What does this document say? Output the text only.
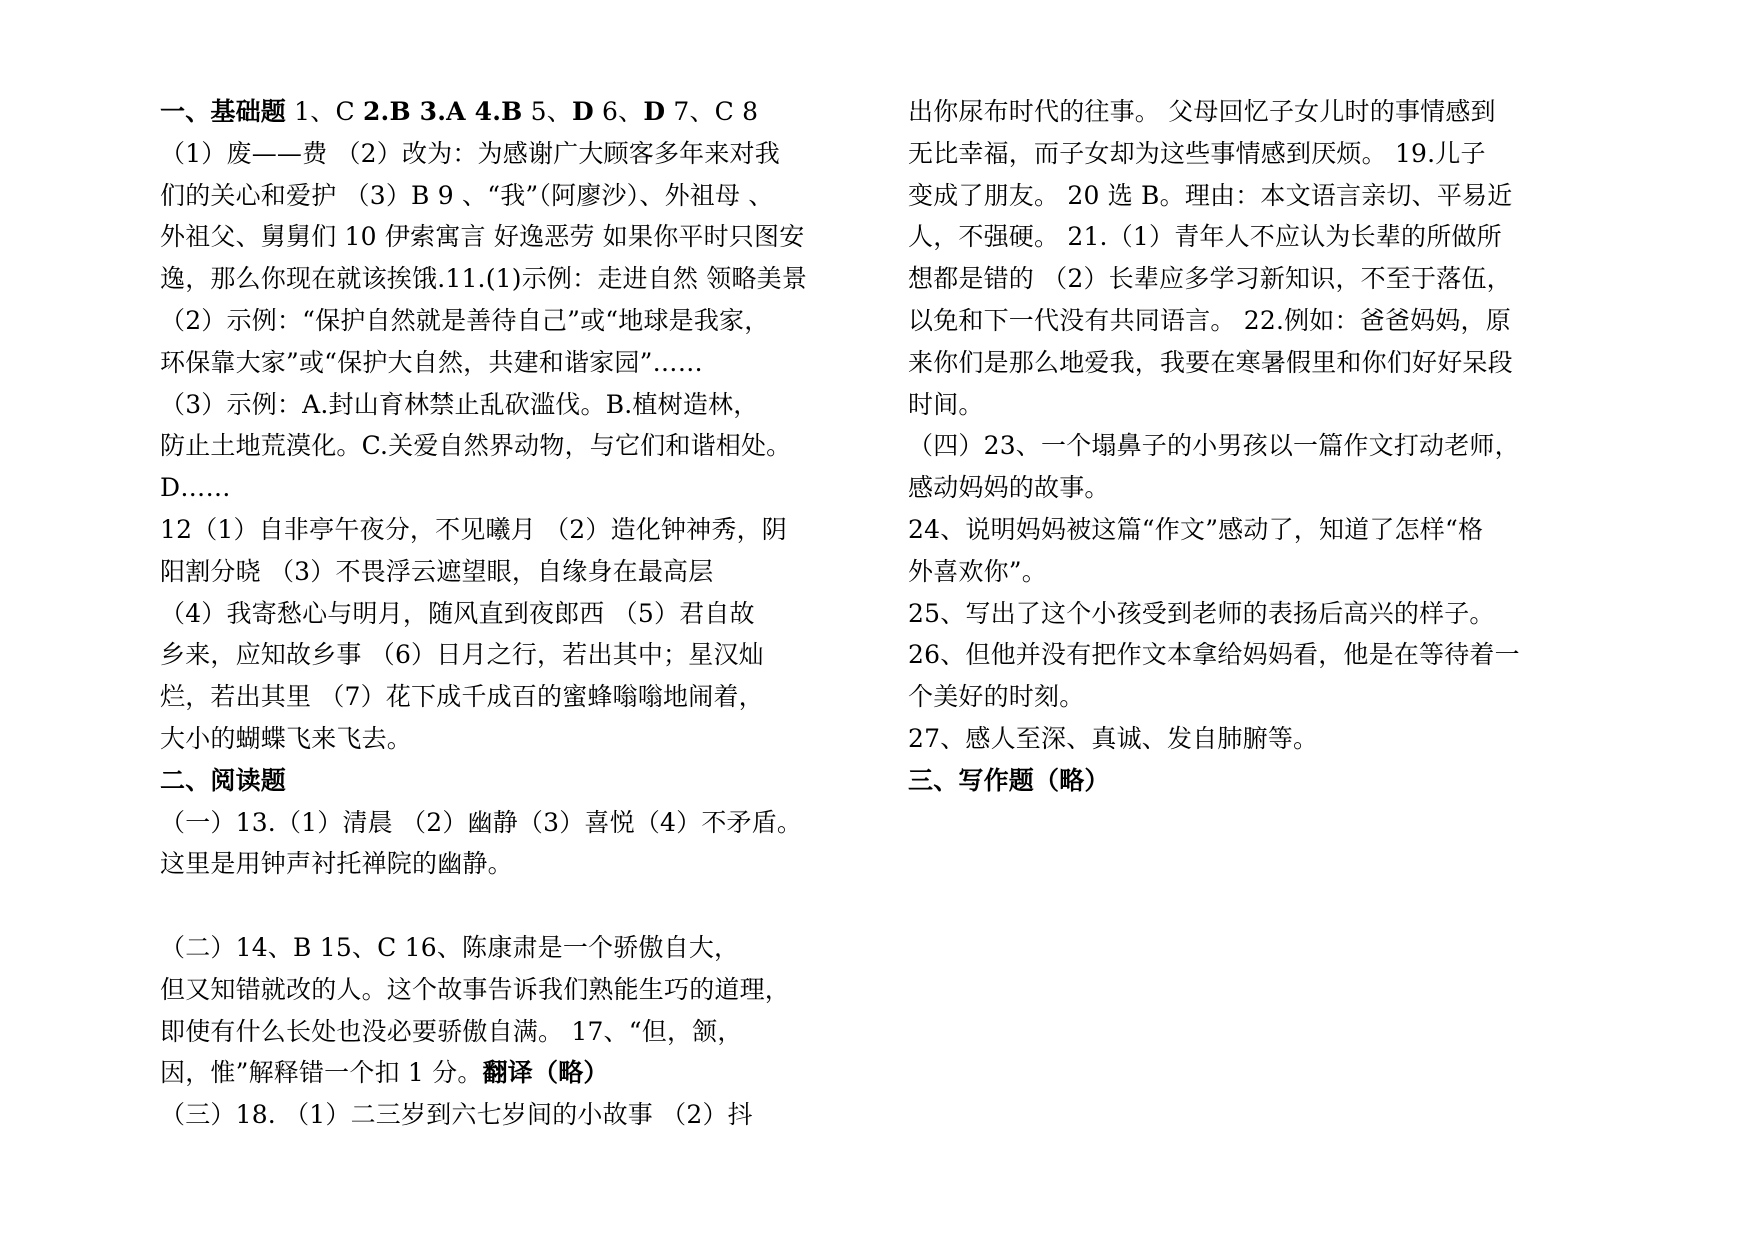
一、基础题 1、C 2.B 3.A 4.B 5、D 6、D 7、C 8
（1）废——费 （2）改为：为感谢广大顾客多年来对我
们的关心和爱护 （3）B 9 、“我”（阿廖沙）、外祖母 、
外祖父、舅舅们 10 伊索寓言 好逸恶劳 如果你平时只图安
逸，那么你现在就该挨饿.11.(1)示例：走进自然 领略美景
（2）示例：“保护自然就是善待自己”或“地球是我家，
环保靠大家”或“保护大自然，共建和谐家园”……
（3）示例：A.封山育林禁止乱砍滥伐。B.植树造林，
防止土地荒漠化。C.关爱自然界动物，与它们和谐相处。
D……
12（1）自非亭午夜分，不见曦月 （2）造化钟神秀，阴
阳割分晓 （3）不畏浮云遮望眼，自缘身在最高层
（4）我寄愁心与明月，随风直到夜郎西 （5）君自故
乡来，应知故乡事 （6）日月之行，若出其中；星汉灿
烂，若出其里 （7）花下成千成百的蜜蜂嗡嗡地闹着，
大小的蝴蝶飞来飞去。
二、阅读题
（一）13.（1）清晨 （2）幽静（3）喜悦（4）不矛盾。
这里是用钟声衬托禅院的幽静。
（二）14、B 15、C 16、陈康肃是一个骄傲自大，
但又知错就改的人。这个故事告诉我们熟能生巧的道理，
即使有什么长处也没必要骄傲自满。 17、“但，颔，
因，惟”解释错一个扣 1 分。翻译（略）
（三）18. （1）二三岁到六七岁间的小故事 （2）抖
出你尿布时代的往事。 父母回忆子女儿时的事情感到
无比幸福，而子女却为这些事情感到厌烦。 19.儿子
变成了朋友。 20 选 B。理由：本文语言亲切、平易近
人，不强硬。 21.（1）青年人不应认为长辈的所做所
想都是错的 （2）长辈应多学习新知识，不至于落伍，
以免和下一代没有共同语言。 22.例如：爸爸妈妈，原
来你们是那么地爱我，我要在寒暑假里和你们好好呆段
时间。
（四）23、一个塌鼻子的小男孩以一篇作文打动老师，
感动妈妈的故事。
24、说明妈妈被这篇“作文”感动了，知道了怎样“格
外喜欢你”。
25、写出了这个小孩受到老师的表扬后高兴的样子。
26、但他并没有把作文本拿给妈妈看，他是在等待着一
个美好的时刻。
27、感人至深、真诚、发自肺腑等。
三、写作题（略）
